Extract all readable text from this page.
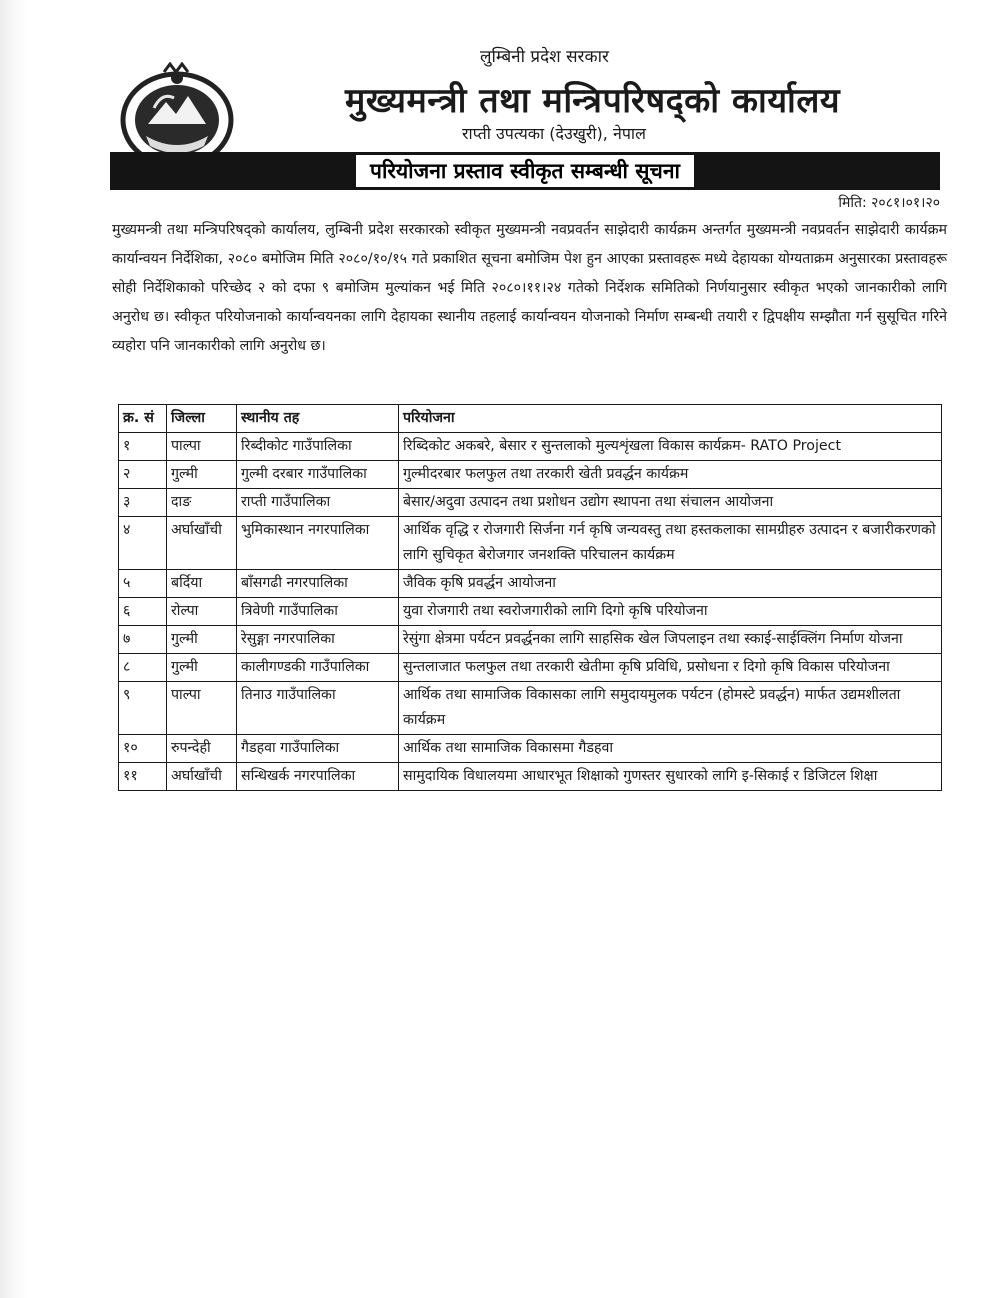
लुम्बिनी प्रदेश सरकार
मुख्यमन्त्री तथा मन्त्रिपरिषद्को कार्यालय
राप्ती उपत्यका (देउखुरी), नेपाल
परियोजना प्रस्ताव स्वीकृत सम्बन्धी सूचना
मिति: २०८१।०१।२०
मुख्यमन्त्री तथा मन्त्रिपरिषद्को कार्यालय, लुम्बिनी प्रदेश सरकारको स्वीकृत मुख्यमन्त्री नवप्रवर्तन साझेदारी कार्यक्रम अन्तर्गत मुख्यमन्त्री नवप्रवर्तन साझेदारी कार्यक्रम कार्यान्वयन निर्देशिका, २०८० बमोजिम मिति २०८०/१०/१५ गते प्रकाशित सूचना बमोजिम पेश हुन आएका प्रस्तावहरू मध्ये देहायका योग्यताक्रम अनुसारका प्रस्तावहरू सोही निर्देशिकाको परिच्छेद २ को दफा ९ बमोजिम मुल्यांकन भई मिति २०८०।११।२४ गतेको निर्देशक समितिको निर्णयानुसार स्वीकृत भएको जानकारीको लागि अनुरोध छ। स्वीकृत परियोजनाको कार्यान्वयनका लागि देहायका स्थानीय तहलाई कार्यान्वयन योजनाको निर्माण सम्बन्धी तयारी र द्विपक्षीय सम्झौता गर्न सुसूचित गरिने व्यहोरा पनि जानकारीको लागि अनुरोध छ।
क्र. सं	जिल्ला	स्थानीय तह	परियोजना
१	पाल्पा	रिब्दीकोट गाउँपालिका	रिब्दिकोट अकबरे, बेसार र सुन्तलाको मुल्यशृंखला विकास कार्यक्रम- RATO Project
२	गुल्मी	गुल्मी दरबार गाउँपालिका	गुल्मीदरबार फलफुल तथा तरकारी खेती प्रवर्द्धन कार्यक्रम
३	दाङ	राप्ती गाउँपालिका	बेसार/अदुवा उत्पादन तथा प्रशोधन उद्योग स्थापना तथा संचालन आयोजना
४	अर्घाखाँची	भुमिकास्थान नगरपालिका	आर्थिक वृद्धि र रोजगारी सिर्जना गर्न कृषि जन्यवस्तु तथा हस्तकलाका सामग्रीहरु उत्पादन र बजारीकरणको लागि सुचिकृत बेरोजगार जनशक्ति परिचालन कार्यक्रम
५	बर्दिया	बाँसगढी नगरपालिका	जैविक कृषि प्रवर्द्धन आयोजना
६	रोल्पा	त्रिवेणी गाउँपालिका	युवा रोजगारी तथा स्वरोजगारीको लागि दिगो कृषि परियोजना
७	गुल्मी	रेसुङ्गा नगरपालिका	रेसुंगा क्षेत्रमा पर्यटन प्रवर्द्धनका लागि साहसिक खेल जिपलाइन तथा स्काई-साईक्लिंग निर्माण योजना
८	गुल्मी	कालीगण्डकी गाउँपालिका	सुन्तलाजात फलफुल तथा तरकारी खेतीमा कृषि प्रविधि, प्रसोधना र दिगो कृषि विकास परियोजना
९	पाल्पा	तिनाउ गाउँपालिका	आर्थिक तथा सामाजिक विकासका लागि समुदायमुलक पर्यटन (होमस्टे प्रवर्द्धन) मार्फत उद्यमशीलता कार्यक्रम
१०	रुपन्देही	गैडहवा गाउँपालिका	आर्थिक तथा सामाजिक विकासमा गैडहवा
११	अर्घाखाँची	सन्धिखर्क नगरपालिका	सामुदायिक विधालयमा आधारभूत शिक्षाको गुणस्तर सुधारको लागि इ-सिकाई र डिजिटल शिक्षा
